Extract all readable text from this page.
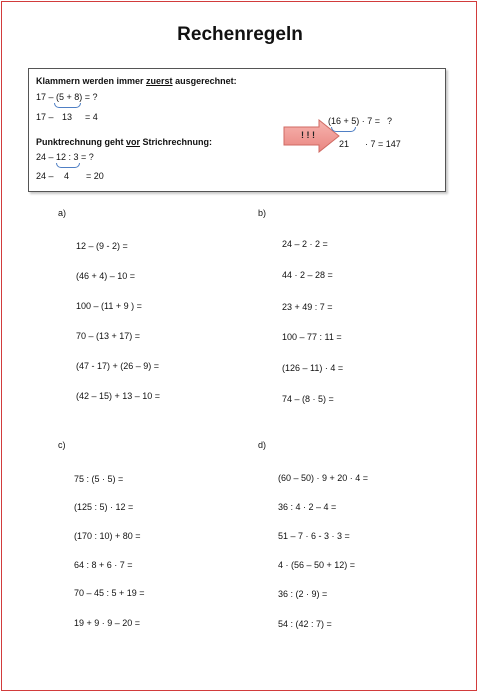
Rechenregeln
Klammern werden immer zuerst ausgerechnet:
17 – (5 + 8) = ?
17 – 13 = 4
Punktrechnung geht vor Strichrechnung:
24 – 12 : 3 = ?
24 – 4 = 20
! ! !
(16 + 5) · 7 = ?
21 · 7 = 147
a)
12 – (9 - 2) =
(46 + 4) – 10 =
100 – (11 + 9 ) =
70 – (13 + 17) =
(47 - 17) + (26 – 9) =
(42 – 15) + 13 – 10 =
b)
24 – 2 · 2 =
44 · 2 – 28 =
23 + 49 : 7 =
100 – 77 : 11 =
(126 – 11) · 4 =
74 – (8 · 5) =
c)
75 : (5 · 5) =
(125 : 5) · 12 =
(170 : 10) + 80 =
64 : 8 + 6 · 7 =
70 – 45 : 5 + 19 =
19 + 9 · 9 – 20 =
d)
(60 – 50) · 9 + 20 · 4 =
36 : 4 · 2 – 4 =
51 – 7 · 6 - 3 · 3 =
4 · (56 – 50 + 12) =
36 : (2 · 9) =
54 : (42 : 7) =
